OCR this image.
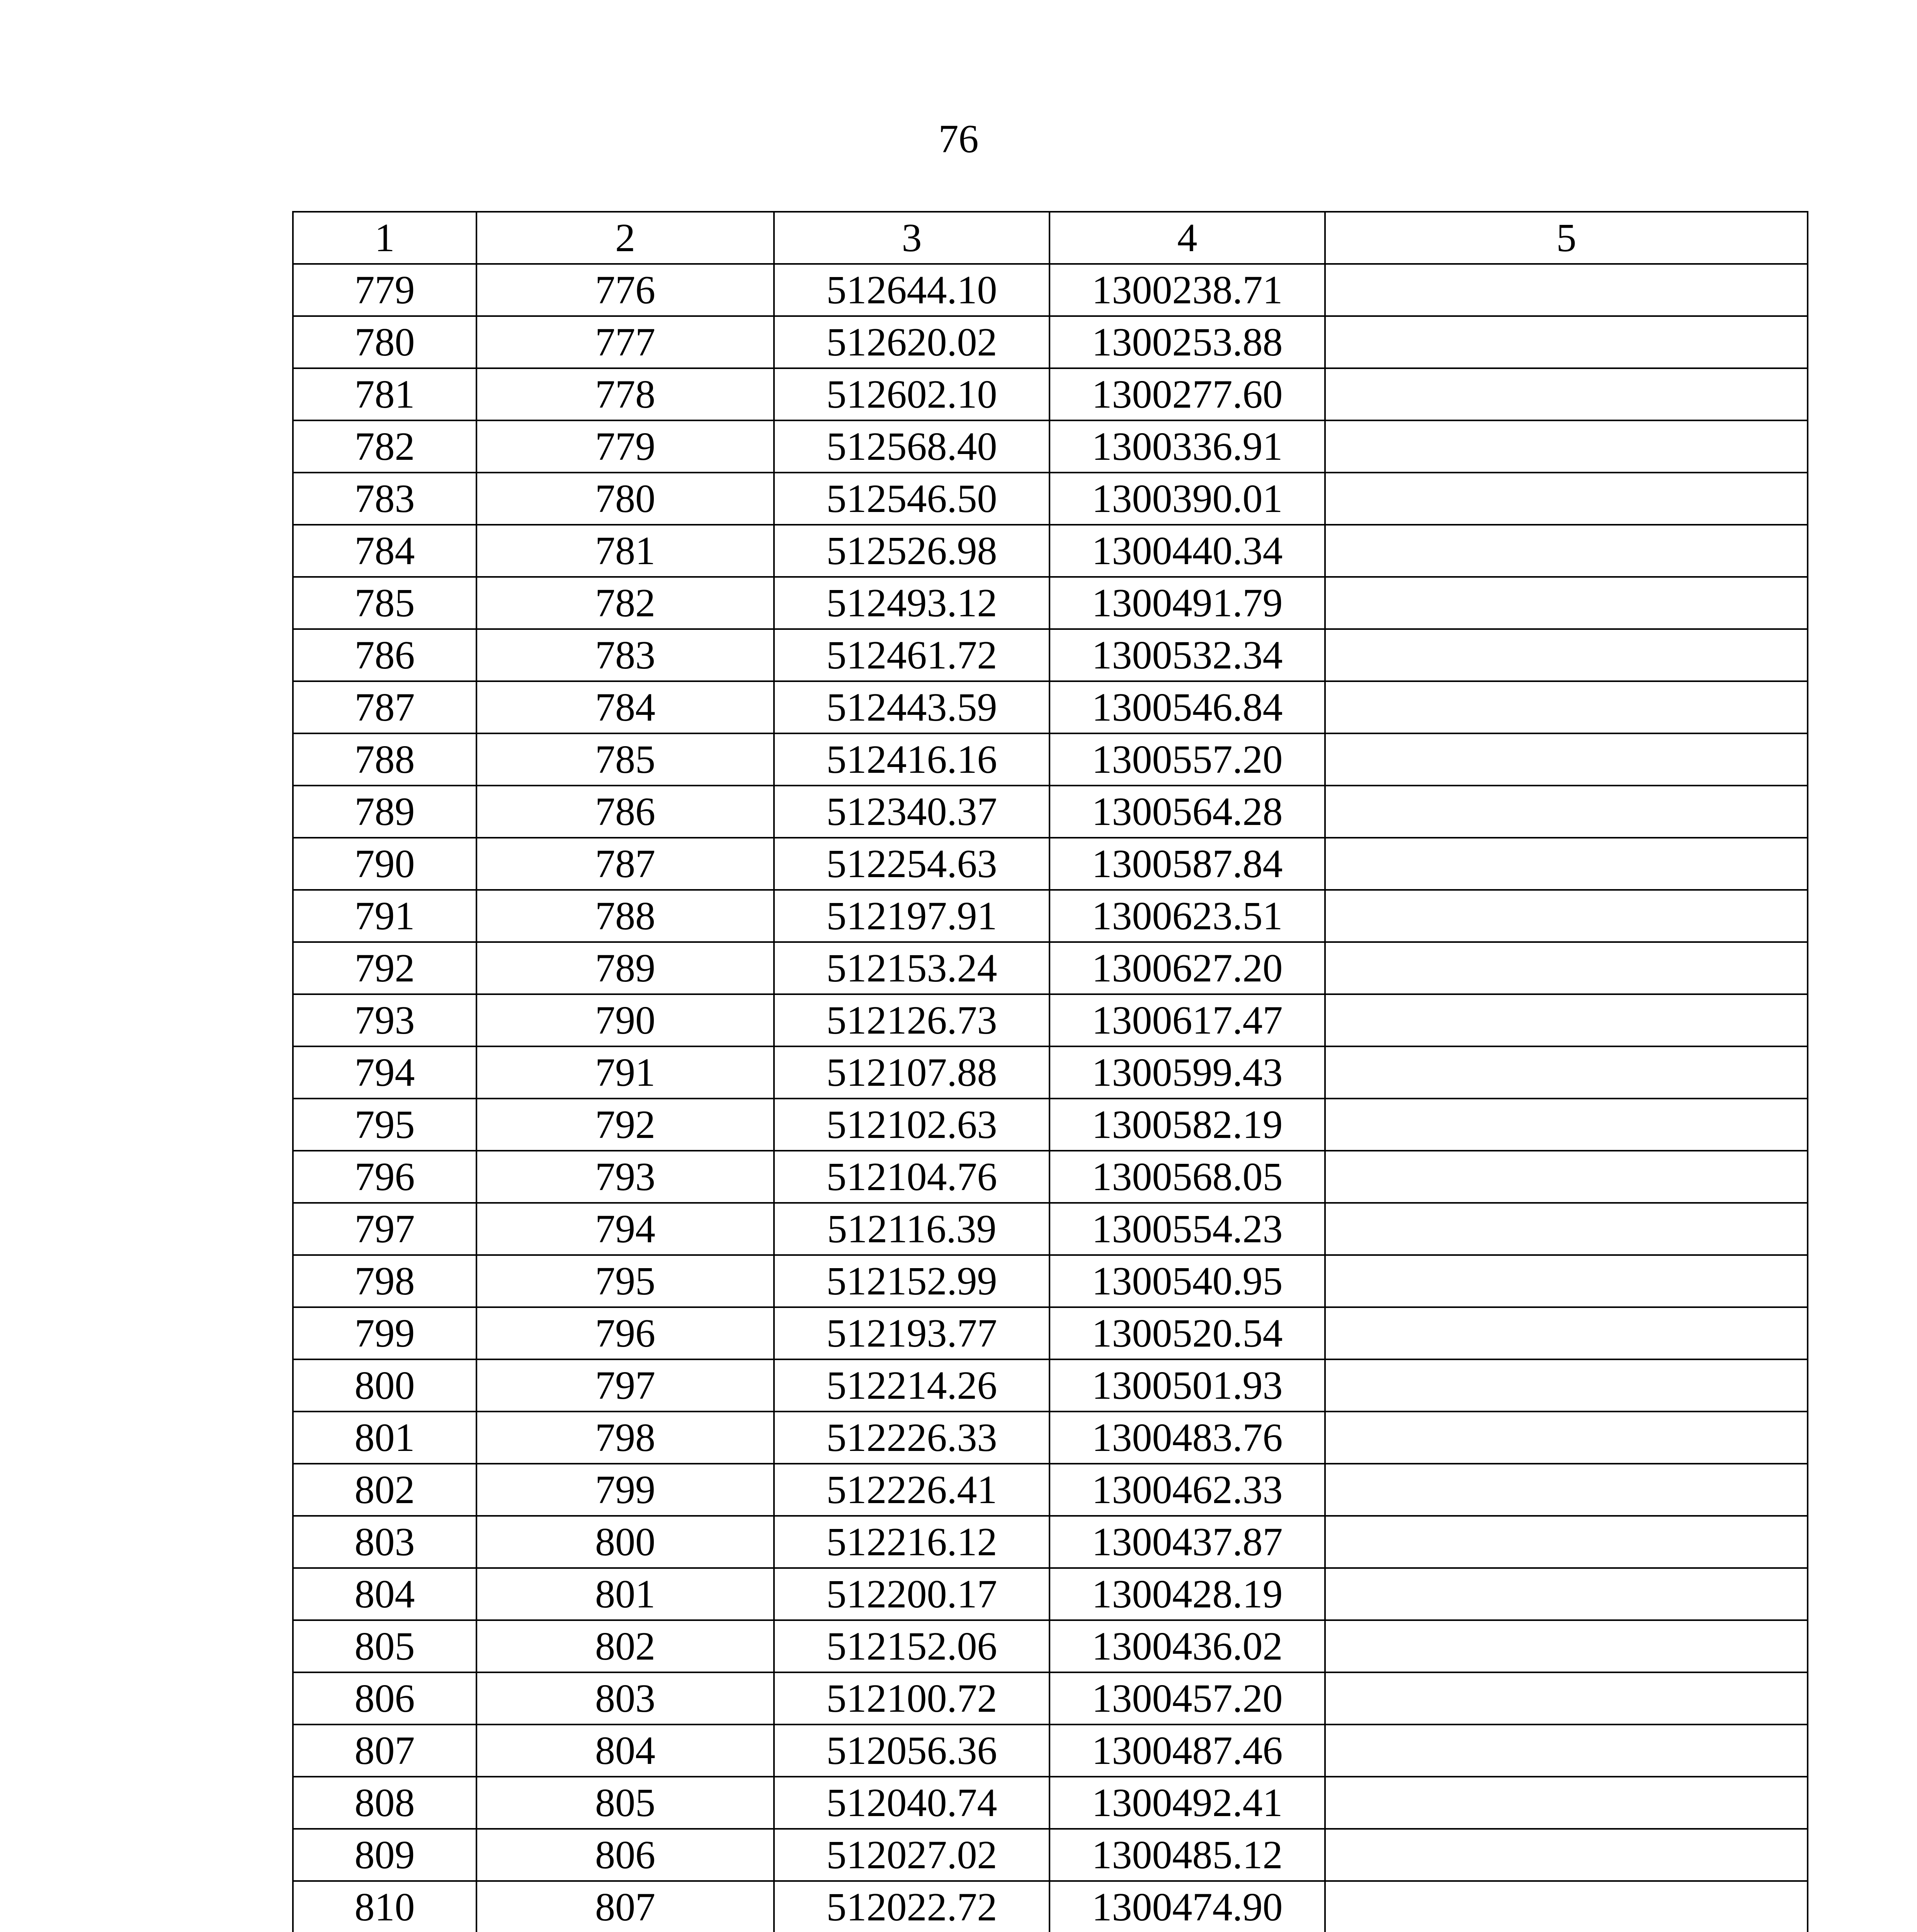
76
1	2	3	4	5
779	776	512644.10	1300238.71	
780	777	512620.02	1300253.88	
781	778	512602.10	1300277.60	
782	779	512568.40	1300336.91	
783	780	512546.50	1300390.01	
784	781	512526.98	1300440.34	
785	782	512493.12	1300491.79	
786	783	512461.72	1300532.34	
787	784	512443.59	1300546.84	
788	785	512416.16	1300557.20	
789	786	512340.37	1300564.28	
790	787	512254.63	1300587.84	
791	788	512197.91	1300623.51	
792	789	512153.24	1300627.20	
793	790	512126.73	1300617.47	
794	791	512107.88	1300599.43	
795	792	512102.63	1300582.19	
796	793	512104.76	1300568.05	
797	794	512116.39	1300554.23	
798	795	512152.99	1300540.95	
799	796	512193.77	1300520.54	
800	797	512214.26	1300501.93	
801	798	512226.33	1300483.76	
802	799	512226.41	1300462.33	
803	800	512216.12	1300437.87	
804	801	512200.17	1300428.19	
805	802	512152.06	1300436.02	
806	803	512100.72	1300457.20	
807	804	512056.36	1300487.46	
808	805	512040.74	1300492.41	
809	806	512027.02	1300485.12	
810	807	512022.72	1300474.90	
